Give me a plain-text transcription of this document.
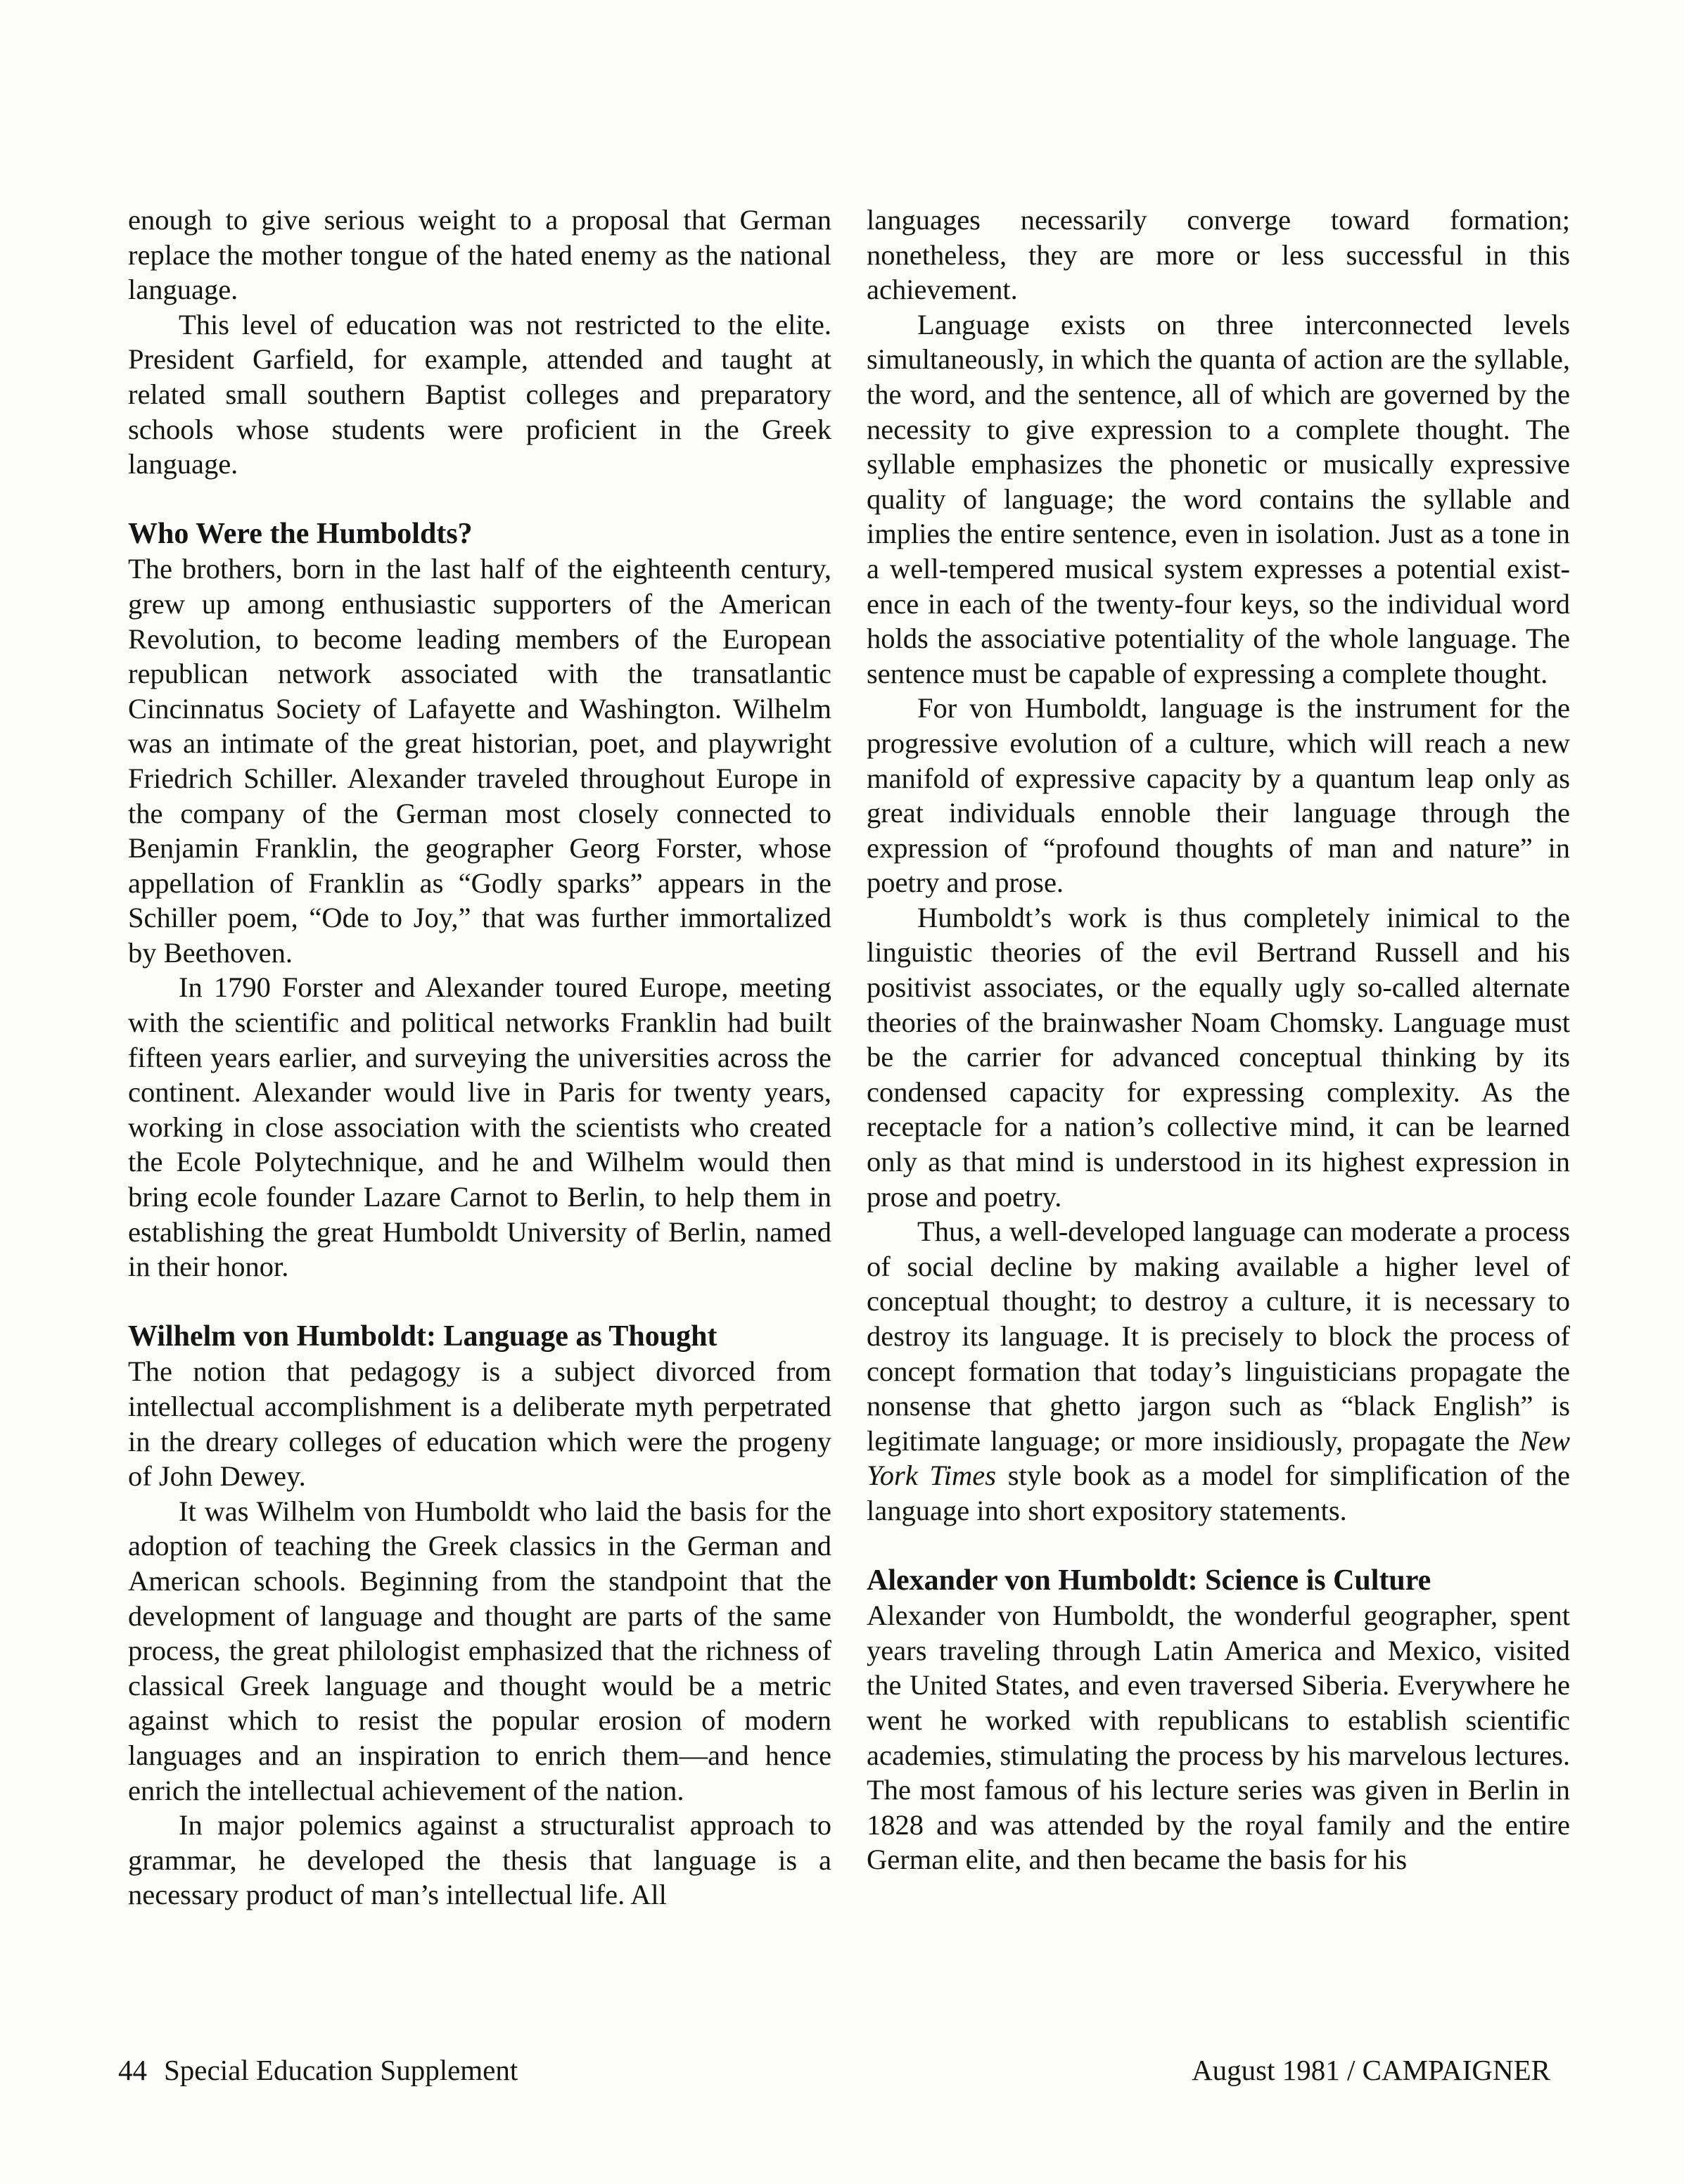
enough to give serious weight to a proposal that German replace the mother tongue of the hated enemy as the national language.

This level of education was not restricted to the elite. President Garfield, for example, attended and taught at related small southern Baptist colleges and preparatory schools whose students were proficient in the Greek language.

Who Were the Humboldts?

The brothers, born in the last half of the eighteenth century, grew up among enthusiastic supporters of the American Revolution, to become leading members of the European republican network associated with the transatlantic Cincinnatus Society of Lafayette and Washington. Wilhelm was an intimate of the great historian, poet, and playwright Friedrich Schiller. Alexander traveled throughout Europe in the company of the German most closely connected to Benjamin Franklin, the geographer Georg Forster, whose appellation of Franklin as “Godly sparks” appears in the Schiller poem, “Ode to Joy,” that was further immortalized by Beethoven.

In 1790 Forster and Alexander toured Europe, meeting with the scientific and political networks Franklin had built fifteen years earlier, and surveying the universities across the continent. Alexander would live in Paris for twenty years, working in close association with the scientists who created the Ecole Polytechnique, and he and Wilhelm would then bring ecole founder Lazare Carnot to Berlin, to help them in establishing the great Humboldt University of Berlin, named in their honor.

Wilhelm von Humboldt: Language as Thought

The notion that pedagogy is a subject divorced from intellectual accomplishment is a deliberate myth perpetrated in the dreary colleges of education which were the progeny of John Dewey.

It was Wilhelm von Humboldt who laid the basis for the adoption of teaching the Greek classics in the German and American schools. Beginning from the standpoint that the development of language and thought are parts of the same process, the great philologist emphasized that the richness of classical Greek language and thought would be a metric against which to resist the popular erosion of modern languages and an inspiration to enrich them—and hence enrich the intellectual achievement of the nation.

In major polemics against a structuralist approach to grammar, he developed the thesis that language is a necessary product of man’s intellectual life. All

languages necessarily converge toward formation; nonetheless, they are more or less successful in this achievement.

Language exists on three interconnected levels simultaneously, in which the quanta of action are the syllable, the word, and the sentence, all of which are governed by the necessity to give expression to a complete thought. The syllable emphasizes the phonetic or musically expressive quality of language; the word contains the syllable and implies the entire sentence, even in isolation. Just as a tone in a well-tempered musical system expresses a potential existence in each of the twenty-four keys, so the individual word holds the associative potentiality of the whole language. The sentence must be capable of expressing a complete thought.

For von Humboldt, language is the instrument for the progressive evolution of a culture, which will reach a new manifold of expressive capacity by a quantum leap only as great individuals ennoble their language through the expression of “profound thoughts of man and nature” in poetry and prose.

Humboldt’s work is thus completely inimical to the linguistic theories of the evil Bertrand Russell and his positivist associates, or the equally ugly so-called alternate theories of the brainwasher Noam Chomsky. Language must be the carrier for advanced conceptual thinking by its condensed capacity for expressing complexity. As the receptacle for a nation’s collective mind, it can be learned only as that mind is understood in its highest expression in prose and poetry.

Thus, a well-developed language can moderate a process of social decline by making available a higher level of conceptual thought; to destroy a culture, it is necessary to destroy its language. It is precisely to block the process of concept formation that today’s linguisticians propagate the nonsense that ghetto jargon such as “black English” is legitimate language; or more insidiously, propagate the New York Times style book as a model for simplification of the language into short expository statements.

Alexander von Humboldt: Science is Culture

Alexander von Humboldt, the wonderful geographer, spent years traveling through Latin America and Mexico, visited the United States, and even traversed Siberia. Everywhere he went he worked with republicans to establish scientific academies, stimulating the process by his marvelous lectures. The most famous of his lecture series was given in Berlin in 1828 and was attended by the royal family and the entire German elite, and then became the basis for his

44 Special Education Supplement	August 1981 / CAMPAIGNER
